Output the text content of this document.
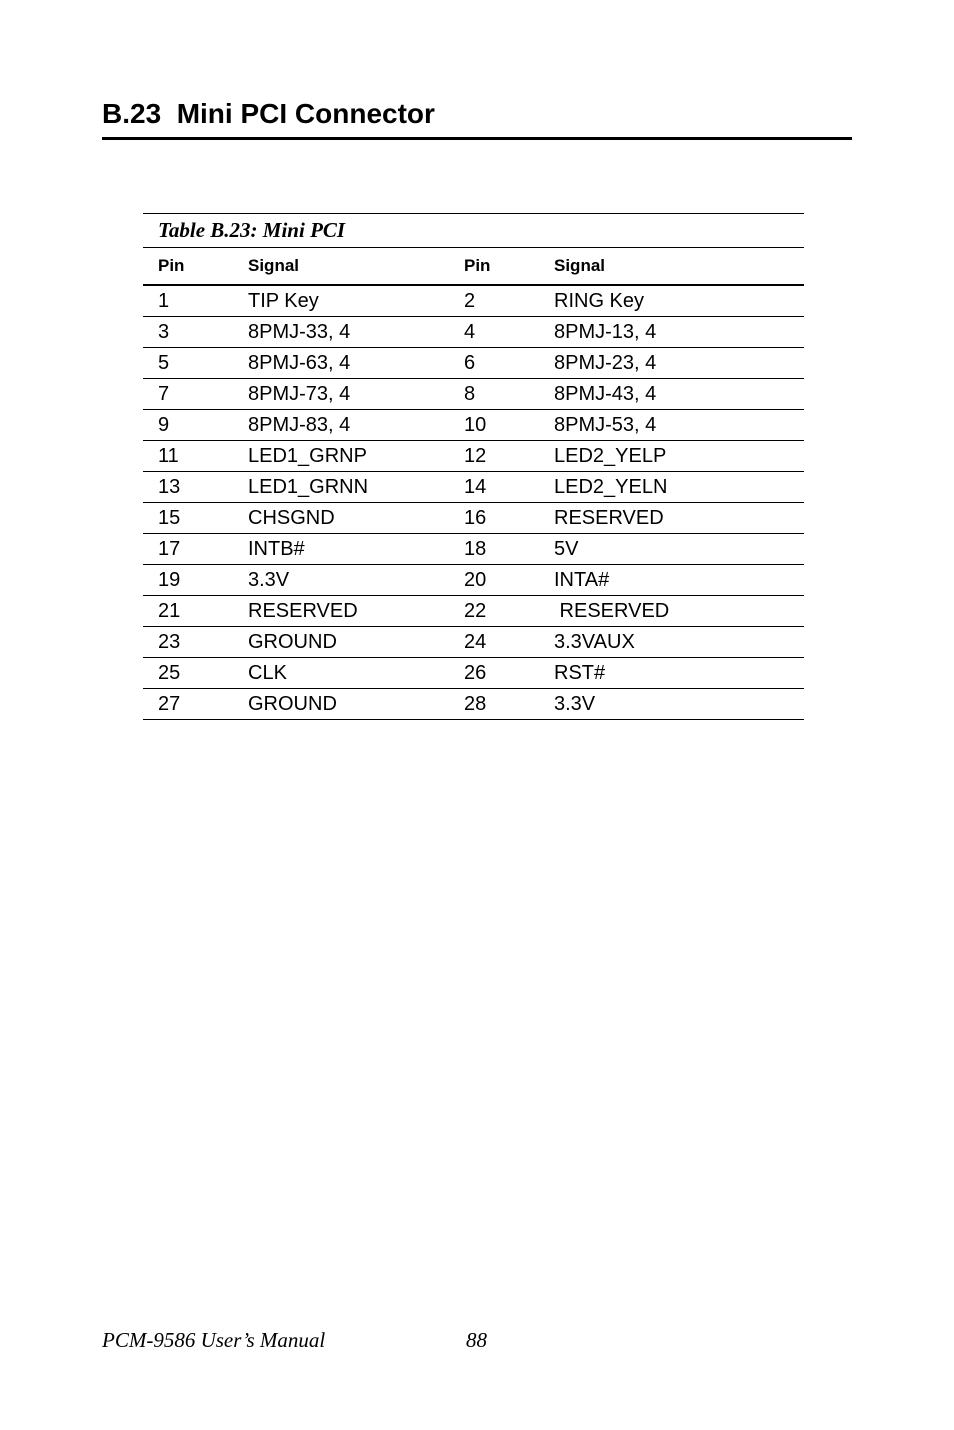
B.23  Mini PCI Connector
Table B.23: Mini PCI
Pin	Signal	Pin	Signal
1	TIP Key	2	RING Key
3	8PMJ-33, 4	4	8PMJ-13, 4
5	8PMJ-63, 4	6	8PMJ-23, 4
7	8PMJ-73, 4	8	8PMJ-43, 4
9	8PMJ-83, 4	10	8PMJ-53, 4
11	LED1_GRNP	12	LED2_YELP
13	LED1_GRNN	14	LED2_YELN
15	CHSGND	16	RESERVED
17	INTB#	18	5V
19	3.3V	20	INTA#
21	RESERVED	22	RESERVED
23	GROUND	24	3.3VAUX
25	CLK	26	RST#
27	GROUND	28	3.3V
PCM-9586 User’s Manual	88
